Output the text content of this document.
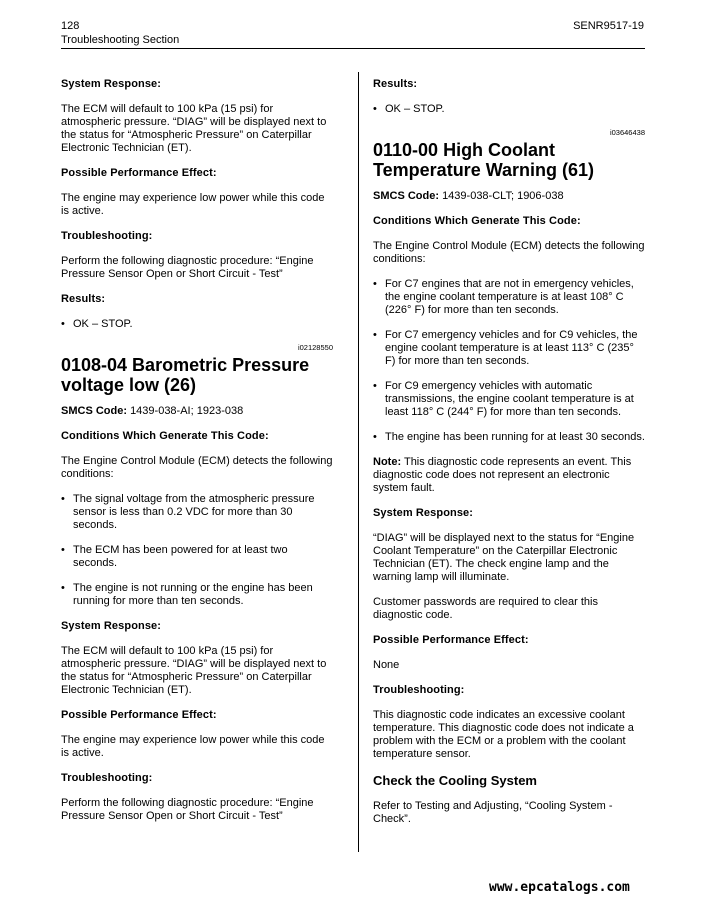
128
Troubleshooting Section
SENR9517-19
System Response:
The ECM will default to 100 kPa (15 psi) for atmospheric pressure. “DIAG” will be displayed next to the status for “Atmospheric Pressure” on Caterpillar Electronic Technician (ET).
Possible Performance Effect:
The engine may experience low power while this code is active.
Troubleshooting:
Perform the following diagnostic procedure: “Engine Pressure Sensor Open or Short Circuit - Test”
Results:
• OK – STOP.
i02128550
0108-04 Barometric Pressure voltage low (26)
SMCS Code: 1439-038-AI; 1923-038
Conditions Which Generate This Code:
The Engine Control Module (ECM) detects the following conditions:
• The signal voltage from the atmospheric pressure sensor is less than 0.2 VDC for more than 30 seconds.
• The ECM has been powered for at least two seconds.
• The engine is not running or the engine has been running for more than ten seconds.
System Response:
The ECM will default to 100 kPa (15 psi) for atmospheric pressure. “DIAG” will be displayed next to the status for “Atmospheric Pressure” on Caterpillar Electronic Technician (ET).
Possible Performance Effect:
The engine may experience low power while this code is active.
Troubleshooting:
Perform the following diagnostic procedure: “Engine Pressure Sensor Open or Short Circuit - Test”
Results:
• OK – STOP.
i03646438
0110-00 High Coolant Temperature Warning (61)
SMCS Code: 1439-038-CLT; 1906-038
Conditions Which Generate This Code:
The Engine Control Module (ECM) detects the following conditions:
• For C7 engines that are not in emergency vehicles, the engine coolant temperature is at least 108° C (226° F) for more than ten seconds.
• For C7 emergency vehicles and for C9 vehicles, the engine coolant temperature is at least 113° C (235° F) for more than ten seconds.
• For C9 emergency vehicles with automatic transmissions, the engine coolant temperature is at least 118° C (244° F) for more than ten seconds.
• The engine has been running for at least 30 seconds.
Note: This diagnostic code represents an event. This diagnostic code does not represent an electronic system fault.
System Response:
“DIAG” will be displayed next to the status for “Engine Coolant Temperature” on the Caterpillar Electronic Technician (ET). The check engine lamp and the warning lamp will illuminate.
Customer passwords are required to clear this diagnostic code.
Possible Performance Effect:
None
Troubleshooting:
This diagnostic code indicates an excessive coolant temperature. This diagnostic code does not indicate a problem with the ECM or a problem with the coolant temperature sensor.
Check the Cooling System
Refer to Testing and Adjusting, “Cooling System - Check”.
www.epcatalogs.com
